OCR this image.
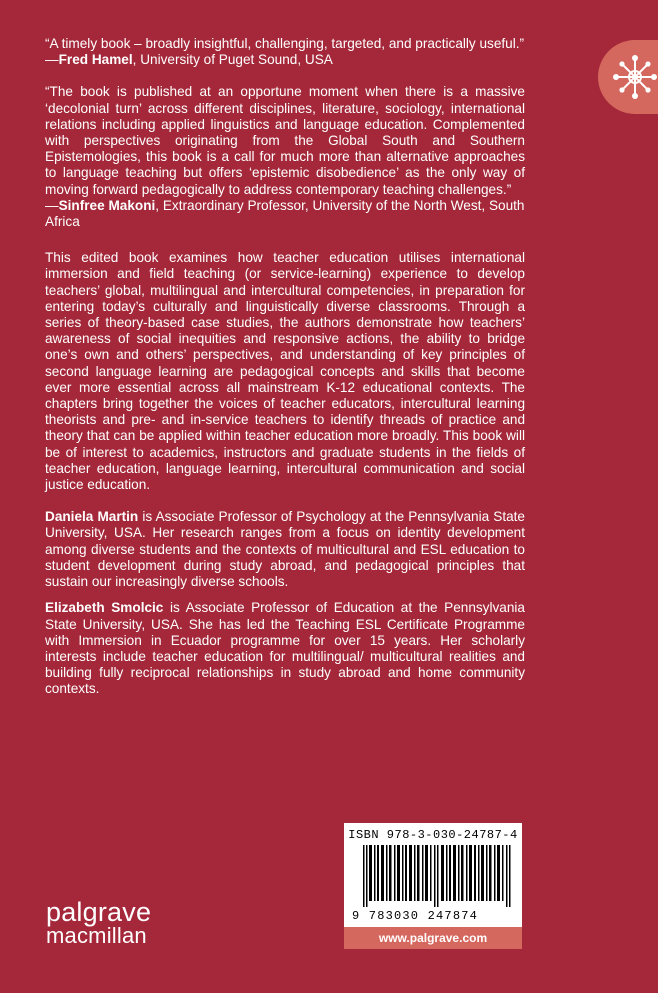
“A timely book – broadly insightful, challenging, targeted, and practically useful.”

—Fred Hamel, University of Puget Sound, USA

“The book is published at an opportune moment when there is a massive ‘decolonial turn’ across different disciplines, literature, sociology, international relations including applied linguistics and language education. Complemented with perspectives originating from the Global South and Southern Epistemologies, this book is a call for much more than alternative approaches to language teaching but offers ‘epistemic disobedience’ as the only way of moving forward pedagogically to address contemporary teaching challenges.”

—Sinfree Makoni, Extraordinary Professor, University of the North West, South Africa

This edited book examines how teacher education utilises international immersion and field teaching (or service-learning) experience to develop teachers’ global, multilingual and intercultural competencies, in preparation for entering today’s culturally and linguistically diverse classrooms. Through a series of theory-based case studies, the authors demonstrate how teachers’ awareness of social inequities and responsive actions, the ability to bridge one’s own and others’ perspectives, and understanding of key principles of second language learning are pedagogical concepts and skills that become ever more essential across all mainstream K-12 educational contexts. The chapters bring together the voices of teacher educators, intercultural learning theorists and pre- and in-service teachers to identify threads of practice and theory that can be applied within teacher education more broadly. This book will be of interest to academics, instructors and graduate students in the fields of teacher education, language learning, intercultural communication and social justice education.

Daniela Martin is Associate Professor of Psychology at the Pennsylvania State University, USA. Her research ranges from a focus on identity development among diverse students and the contexts of multicultural and ESL education to student development during study abroad, and pedagogical principles that sustain our increasingly diverse schools.

Elizabeth Smolcic is Associate Professor of Education at the Pennsylvania State University, USA. She has led the Teaching ESL Certificate Programme with Immersion in Ecuador programme for over 15 years. Her scholarly interests include teacher education for multilingual/ multicultural realities and building fully reciprocal relationships in study abroad and home community contexts.

ISBN 978-3-030-24787-4
9 783030 247874
www.palgrave.com
palgrave
macmillan
